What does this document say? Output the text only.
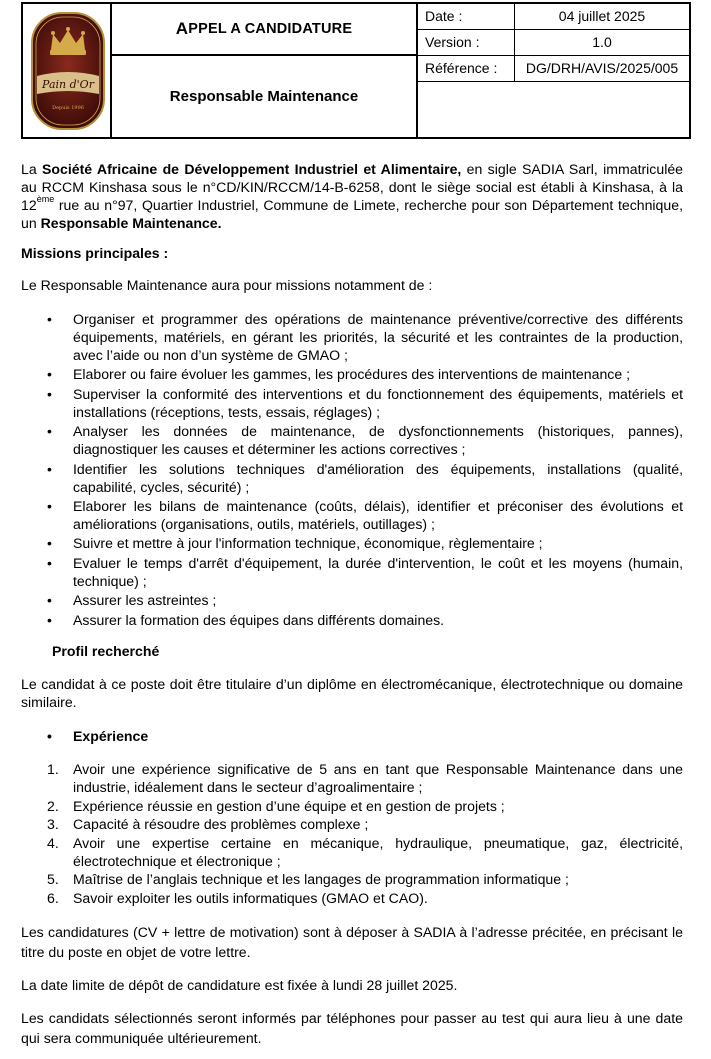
Pain d'Or
Depuis 1996
A PPEL A CANDIDATURE
Responsable Maintenance
Date :	04 juillet 2025
Version :	1.0
Référence :	DG/DRH/AVIS/2025/005

La Société Africaine de Développement Industriel et Alimentaire, en sigle SADIA Sarl, immatriculée au RCCM Kinshasa sous le n°CD/KIN/RCCM/14-B-6258, dont le siège social est établi à Kinshasa, à la 12ème rue au n°97, Quartier Industriel, Commune de Limete, recherche pour son Département technique, un Responsable Maintenance.

Missions principales :

Le Responsable Maintenance aura pour missions notamment de :

• Organiser et programmer des opérations de maintenance préventive/corrective des différents équipements, matériels, en gérant les priorités, la sécurité et les contraintes de la production, avec l’aide ou non d’un système de GMAO ;
• Elaborer ou faire évoluer les gammes, les procédures des interventions de maintenance ;
• Superviser la conformité des interventions et du fonctionnement des équipements, matériels et installations (réceptions, tests, essais, réglages) ;
• Analyser les données de maintenance, de dysfonctionnements (historiques, pannes), diagnostiquer les causes et déterminer les actions correctives ;
• Identifier les solutions techniques d'amélioration des équipements, installations (qualité, capabilité, cycles, sécurité) ;
• Elaborer les bilans de maintenance (coûts, délais), identifier et préconiser des évolutions et améliorations (organisations, outils, matériels, outillages) ;
• Suivre et mettre à jour l'information technique, économique, règlementaire ;
• Evaluer le temps d'arrêt d'équipement, la durée d'intervention, le coût et les moyens (humain, technique) ;
• Assurer les astreintes ;
• Assurer la formation des équipes dans différents domaines.

Profil recherché

Le candidat à ce poste doit être titulaire d’un diplôme en électromécanique, électrotechnique ou domaine similaire.

• Expérience
1. Avoir une expérience significative de 5 ans en tant que Responsable Maintenance dans une industrie, idéalement dans le secteur d’agroalimentaire ;
2. Expérience réussie en gestion d’une équipe et en gestion de projets ;
3. Capacité à résoudre des problèmes complexe ;
4. Avoir une expertise certaine en mécanique, hydraulique, pneumatique, gaz, électricité, électrotechnique et électronique ;
5. Maîtrise de l’anglais technique et les langages de programmation informatique ;
6. Savoir exploiter les outils informatiques (GMAO et CAO).

Les candidatures (CV + lettre de motivation) sont à déposer à SADIA à l’adresse précitée, en précisant le titre du poste en objet de votre lettre.

La date limite de dépôt de candidature est fixée à lundi 28 juillet 2025.

Les candidats sélectionnés seront informés par téléphones pour passer au test qui aura lieu à une date qui sera communiquée ultérieurement.
